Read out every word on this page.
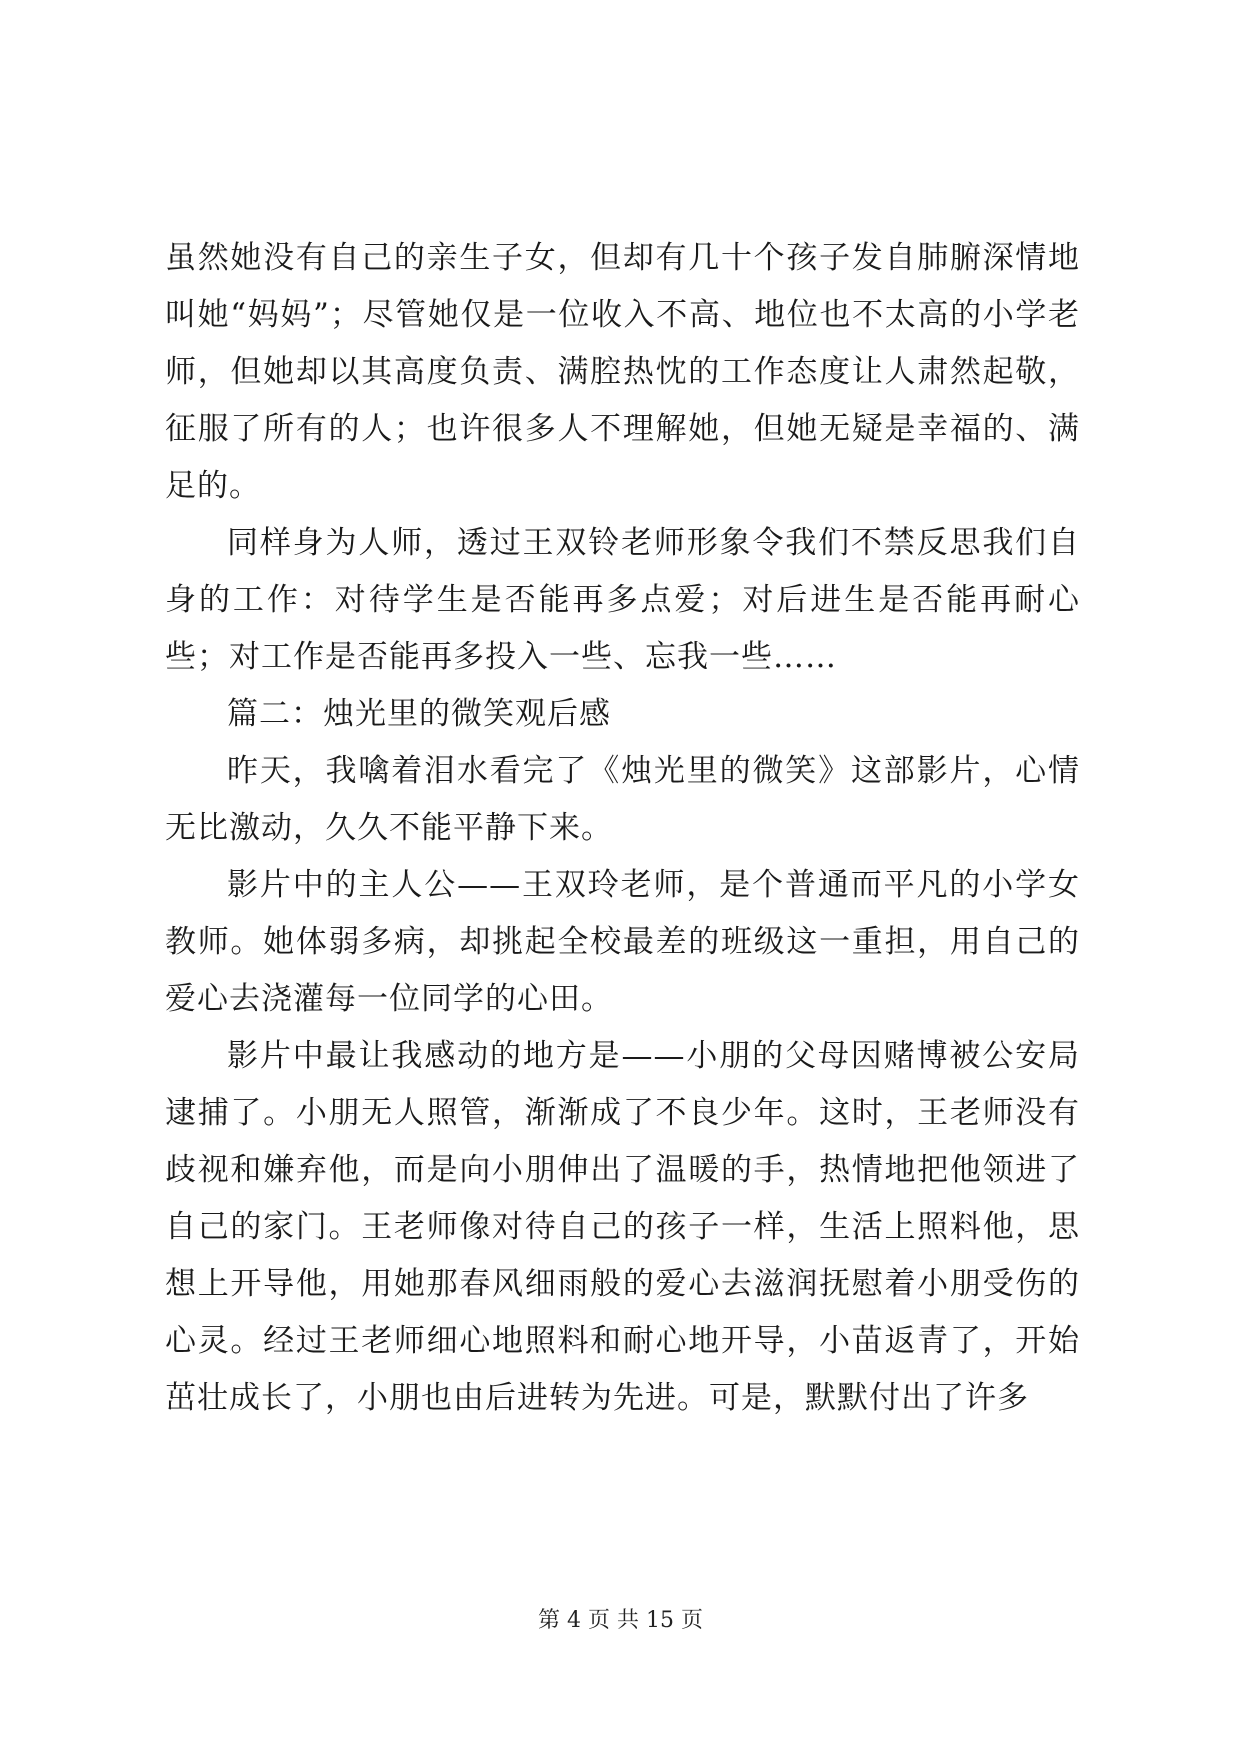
虽然她没有自己的亲生子女，但却有几十个孩子发自肺腑深情地叫她“妈妈”；尽管她仅是一位收入不高、地位也不太高的小学老师，但她却以其高度负责、满腔热忱的工作态度让人肃然起敬，征服了所有的人；也许很多人不理解她，但她无疑是幸福的、满足的。

同样身为人师，透过王双铃老师形象令我们不禁反思我们自身的工作：对待学生是否能再多点爱；对后进生是否能再耐心些；对工作是否能再多投入一些、忘我一些……

篇二：烛光里的微笑观后感

昨天，我噙着泪水看完了《烛光里的微笑》这部影片，心情无比激动，久久不能平静下来。

影片中的主人公——王双玲老师，是个普通而平凡的小学女教师。她体弱多病，却挑起全校最差的班级这一重担，用自己的爱心去浇灌每一位同学的心田。

影片中最让我感动的地方是——小朋的父母因赌博被公安局逮捕了。小朋无人照管，渐渐成了不良少年。这时，王老师没有歧视和嫌弃他，而是向小朋伸出了温暖的手，热情地把他领进了自己的家门。王老师像对待自己的孩子一样，生活上照料他，思想上开导他，用她那春风细雨般的爱心去滋润抚慰着小朋受伤的心灵。经过王老师细心地照料和耐心地开导，小苗返青了，开始茁壮成长了，小朋也由后进转为先进。可是，默默付出了许多

第 4 页 共 15 页
